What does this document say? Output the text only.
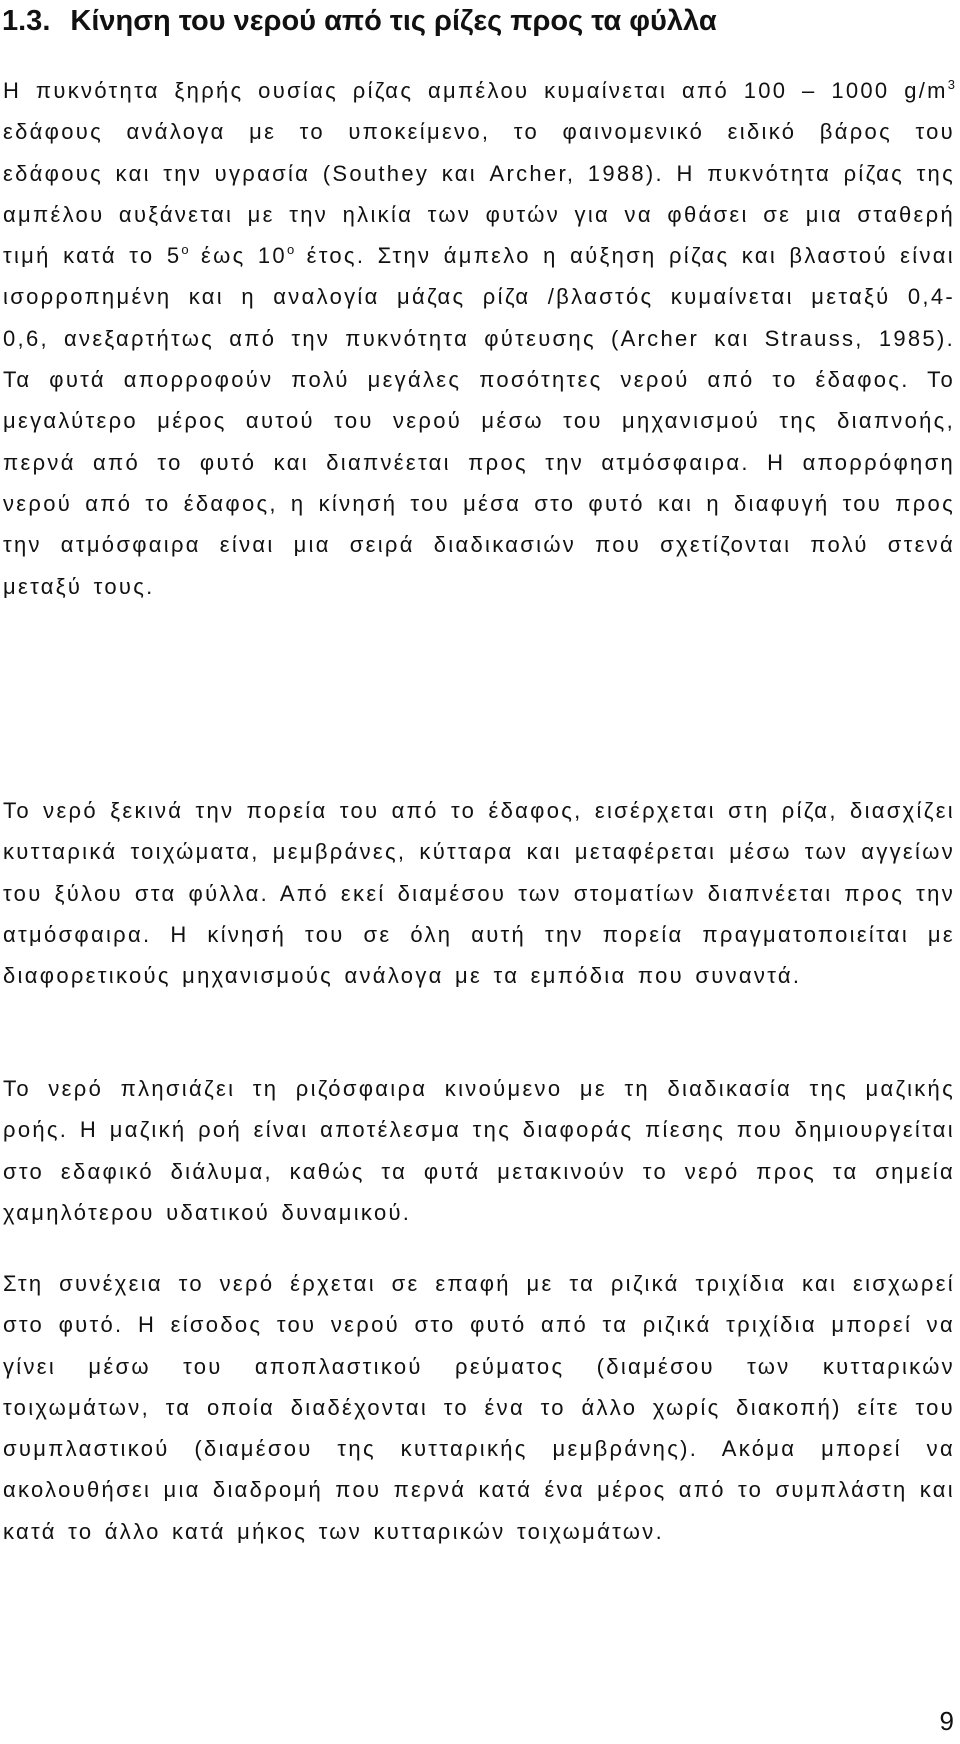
1.3. Κίνηση του νερού από τις ρίζες προς τα φύλλα

Η πυκνότητα ξηρής ουσίας ρίζας αμπέλου κυμαίνεται από 100 – 1000 $g/m^3$ εδάφους ανάλογα με το υποκείμενο, το φαινομενικό ειδικό βάρος του εδάφους και την υγρασία (Southey και Archer, 1988). Η πυκνότητα ρίζας της αμπέλου αυξάνεται με την ηλικία των φυτών για να φθάσει σε μια σταθερή τιμή κατά το $5^o$ έως $10^o$ έτος. Στην άμπελο η αύξηση ρίζας και βλαστού είναι ισορροπημένη και η αναλογία μάζας ρίζα /βλαστός κυμαίνεται μεταξύ 0,4- 0,6, ανεξαρτήτως από την πυκνότητα φύτευσης (Archer και Strauss, 1985). Τα φυτά απορροφούν πολύ μεγάλες ποσότητες νερού από το έδαφος. Το μεγαλύτερο μέρος αυτού του νερού μέσω του μηχανισμού της διαπνοής, περνά από το φυτό και διαπνέεται προς την ατμόσφαιρα. Η απορρόφηση νερού από το έδαφος, η κίνησή του μέσα στο φυτό και η διαφυγή του προς την ατμόσφαιρα είναι μια σειρά διαδικασιών που σχετίζονται πολύ στενά μεταξύ τους.

Το νερό ξεκινά την πορεία του από το έδαφος, εισέρχεται στη ρίζα, διασχίζει κυτταρικά τοιχώματα, μεμβράνες, κύτταρα και μεταφέρεται μέσω των αγγείων του ξύλου στα φύλλα. Από εκεί διαμέσου των στοματίων διαπνέεται προς την ατμόσφαιρα. Η κίνησή του σε όλη αυτή την πορεία πραγματοποιείται με διαφορετικούς μηχανισμούς ανάλογα με τα εμπόδια που συναντά.

Το νερό πλησιάζει τη ριζόσφαιρα κινούμενο με τη διαδικασία της μαζικής ροής. Η μαζική ροή είναι αποτέλεσμα της διαφοράς πίεσης που δημιουργείται στο εδαφικό διάλυμα, καθώς τα φυτά μετακινούν το νερό προς τα σημεία χαμηλότερου υδατικού δυναμικού.

Στη συνέχεια το νερό έρχεται σε επαφή με τα ριζικά τριχίδια και εισχωρεί στο φυτό. Η είσοδος του νερού στο φυτό από τα ριζικά τριχίδια μπορεί να γίνει μέσω του αποπλαστικού ρεύματος (διαμέσου των κυτταρικών τοιχωμάτων, τα οποία διαδέχονται το ένα το άλλο χωρίς διακοπή) είτε του συμπλαστικού (διαμέσου της κυτταρικής μεμβράνης). Ακόμα μπορεί να ακολουθήσει μια διαδρομή που περνά κατά ένα μέρος από το συμπλάστη και κατά το άλλο κατά μήκος των κυτταρικών τοιχωμάτων.

9
